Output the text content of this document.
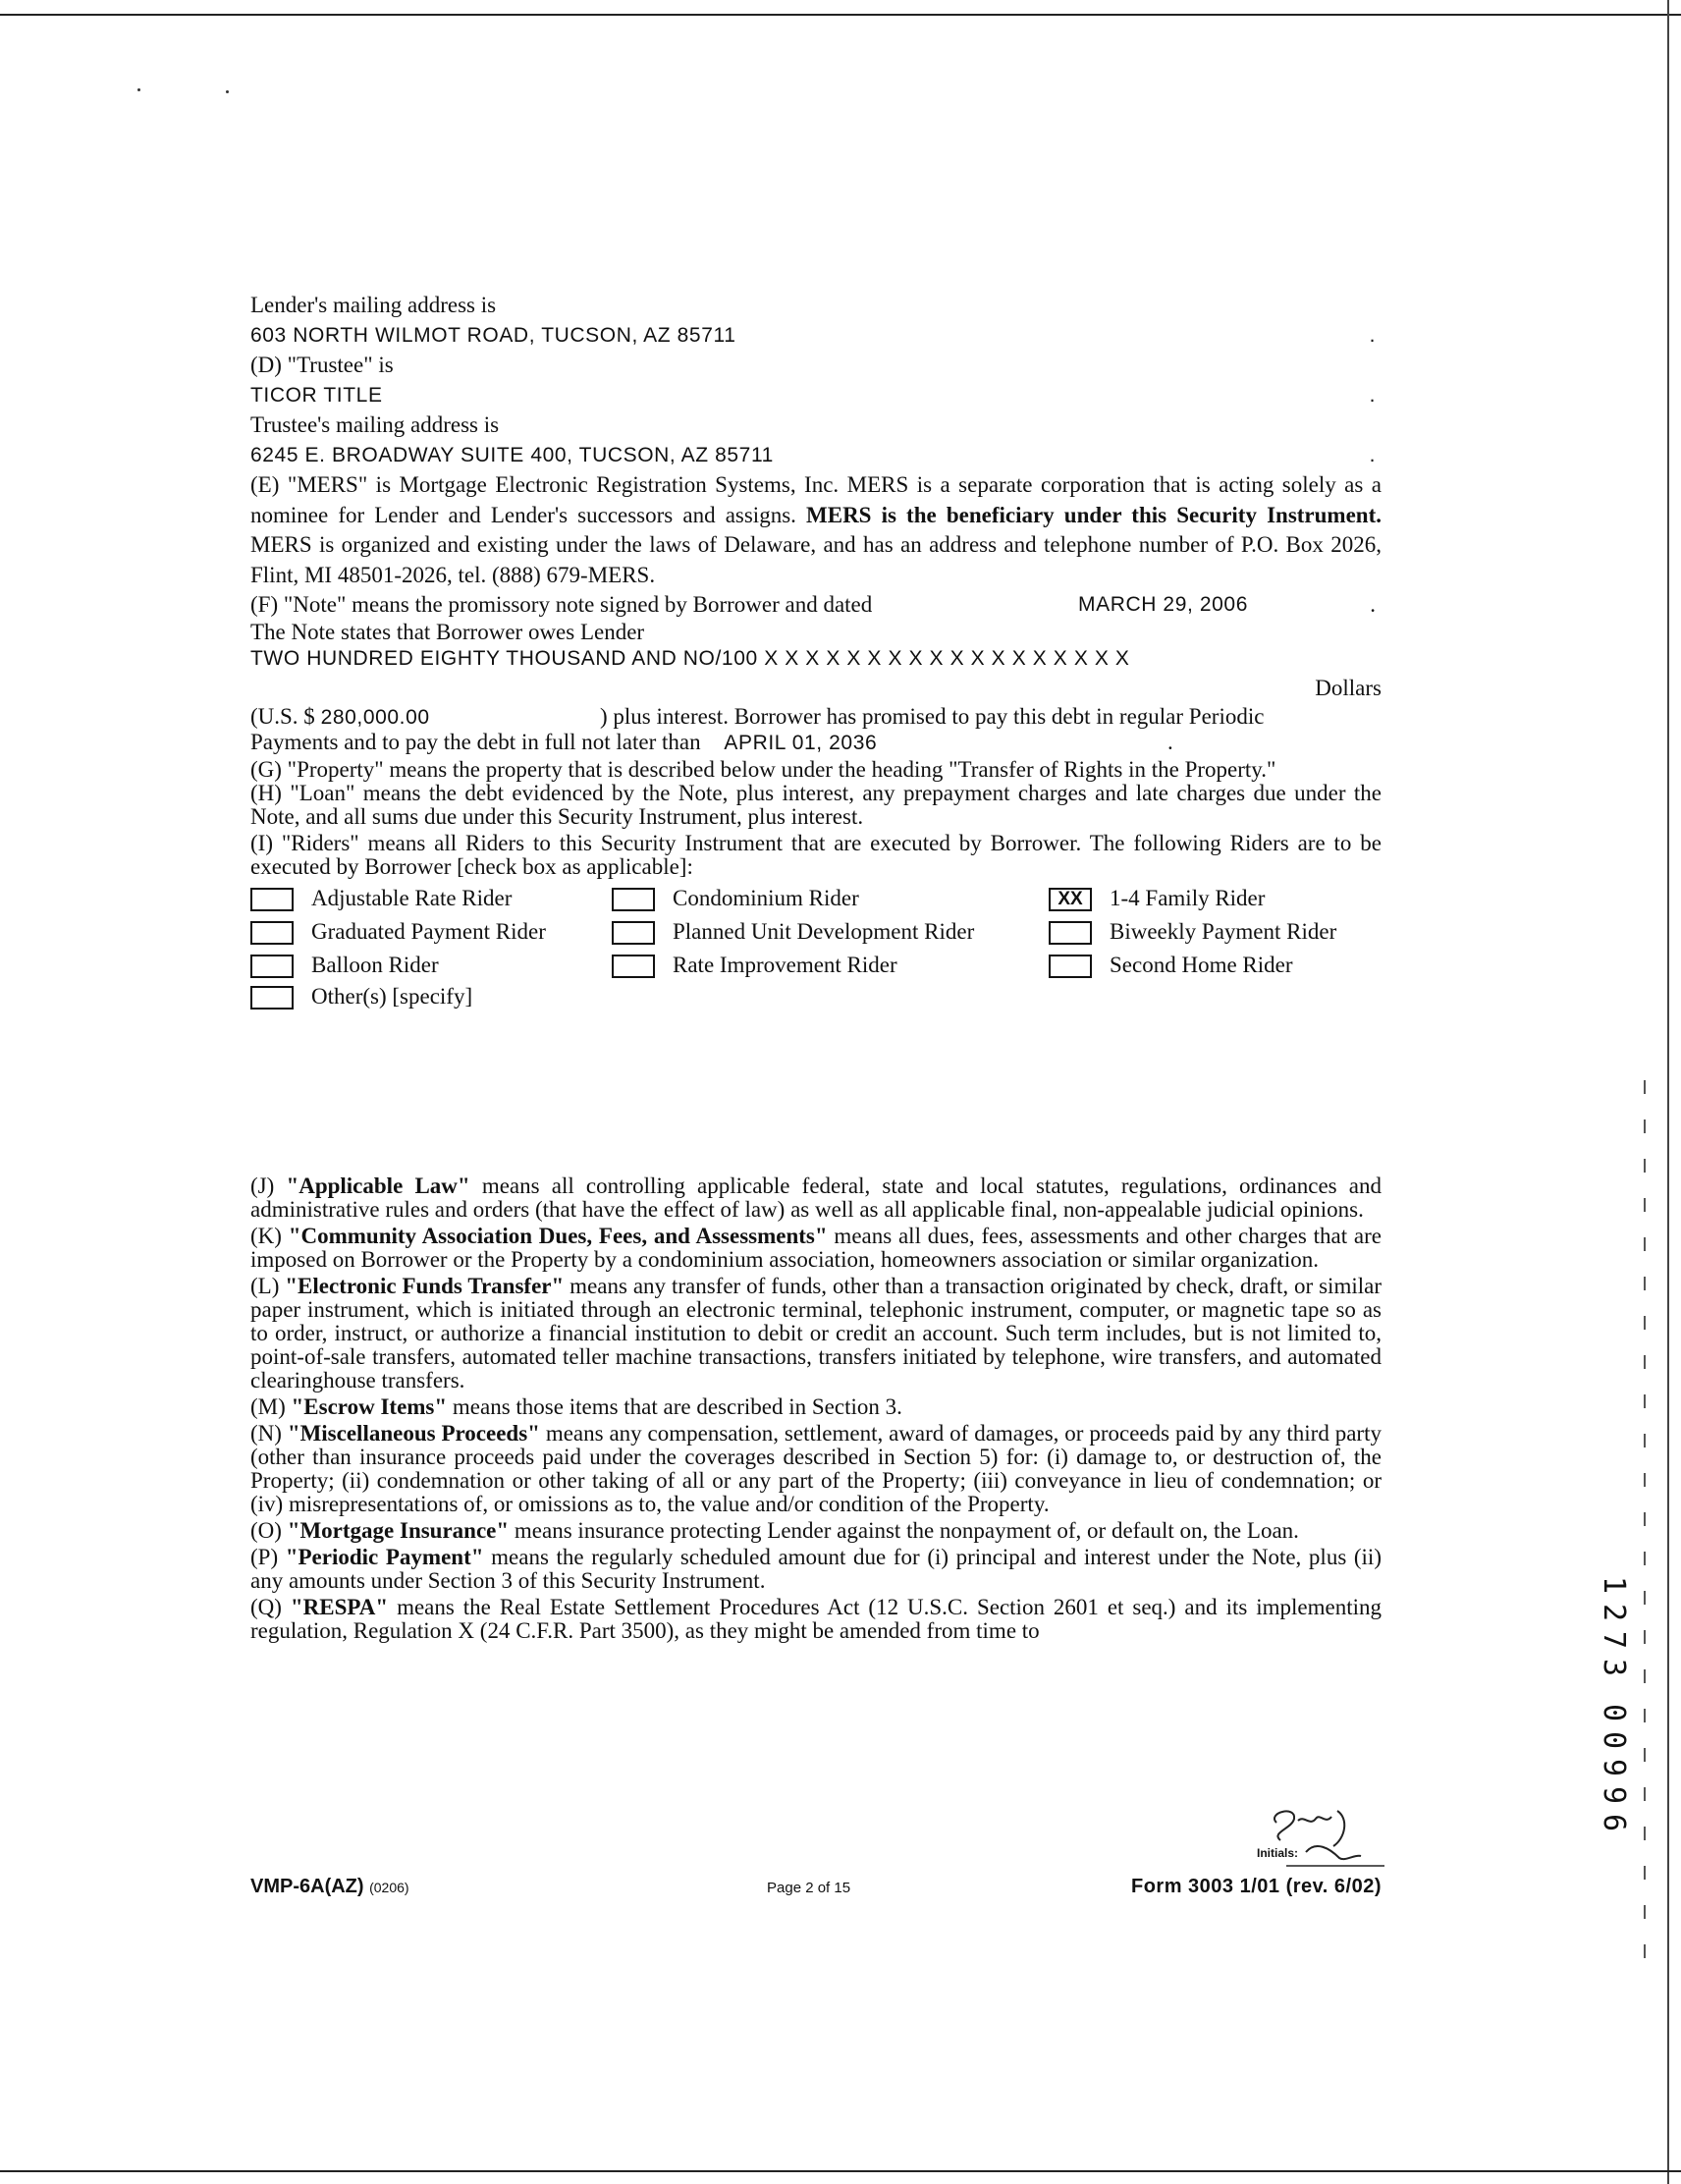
Lender's mailing address is

603 NORTH WILMOT ROAD, TUCSON, AZ 85711	.

(D) "Trustee" is

TICOR TITLE	.

Trustee's mailing address is

6245 E. BROADWAY SUITE 400, TUCSON, AZ 85711	.

(E) "MERS" is Mortgage Electronic Registration Systems, Inc. MERS is a separate corporation that is acting solely as a nominee for Lender and Lender's successors and assigns. MERS is the beneficiary under this Security Instrument. MERS is organized and existing under the laws of Delaware, and has an address and telephone number of P.O. Box 2026, Flint, MI 48501-2026, tel. (888) 679-MERS.

(F) "Note" means the promissory note signed by Borrower and dated	MARCH 29, 2006	.

The Note states that Borrower owes Lender

TWO HUNDRED EIGHTY THOUSAND AND NO/100 X X X X X X X X X X X X X X X X X X

Dollars

(U.S. $ 280,000.00	) plus interest. Borrower has promised to pay this debt in regular Periodic

Payments and to pay the debt in full not later than APRIL 01, 2036	.

(G) "Property" means the property that is described below under the heading "Transfer of Rights in the Property."

(H) "Loan" means the debt evidenced by the Note, plus interest, any prepayment charges and late charges due under the Note, and all sums due under this Security Instrument, plus interest.

(I) "Riders" means all Riders to this Security Instrument that are executed by Borrower. The following Riders are to be executed by Borrower [check box as applicable]:

Adjustable Rate Rider	Condominium Rider	XX	1-4 Family Rider
Graduated Payment Rider	Planned Unit Development Rider	Biweekly Payment Rider
Balloon Rider	Rate Improvement Rider	Second Home Rider
Other(s) [specify]

(J) "Applicable Law" means all controlling applicable federal, state and local statutes, regulations, ordinances and administrative rules and orders (that have the effect of law) as well as all applicable final, non-appealable judicial opinions.

(K) "Community Association Dues, Fees, and Assessments" means all dues, fees, assessments and other charges that are imposed on Borrower or the Property by a condominium association, homeowners association or similar organization.

(L) "Electronic Funds Transfer" means any transfer of funds, other than a transaction originated by check, draft, or similar paper instrument, which is initiated through an electronic terminal, telephonic instrument, computer, or magnetic tape so as to order, instruct, or authorize a financial institution to debit or credit an account. Such term includes, but is not limited to, point-of-sale transfers, automated teller machine transactions, transfers initiated by telephone, wire transfers, and automated clearinghouse transfers.

(M) "Escrow Items" means those items that are described in Section 3.

(N) "Miscellaneous Proceeds" means any compensation, settlement, award of damages, or proceeds paid by any third party (other than insurance proceeds paid under the coverages described in Section 5) for: (i) damage to, or destruction of, the Property; (ii) condemnation or other taking of all or any part of the Property; (iii) conveyance in lieu of condemnation; or (iv) misrepresentations of, or omissions as to, the value and/or condition of the Property.

(O) "Mortgage Insurance" means insurance protecting Lender against the nonpayment of, or default on, the Loan.

(P) "Periodic Payment" means the regularly scheduled amount due for (i) principal and interest under the Note, plus (ii) any amounts under Section 3 of this Security Instrument.

(Q) "RESPA" means the Real Estate Settlement Procedures Act (12 U.S.C. Section 2601 et seq.) and its implementing regulation, Regulation X (24 C.F.R. Part 3500), as they might be amended from time to

Initials:
VMP-6A(AZ) (0206)	Page 2 of 15	Form 3003 1/01 (rev. 6/02)
1
2
7
3
0
0
9
9
6
